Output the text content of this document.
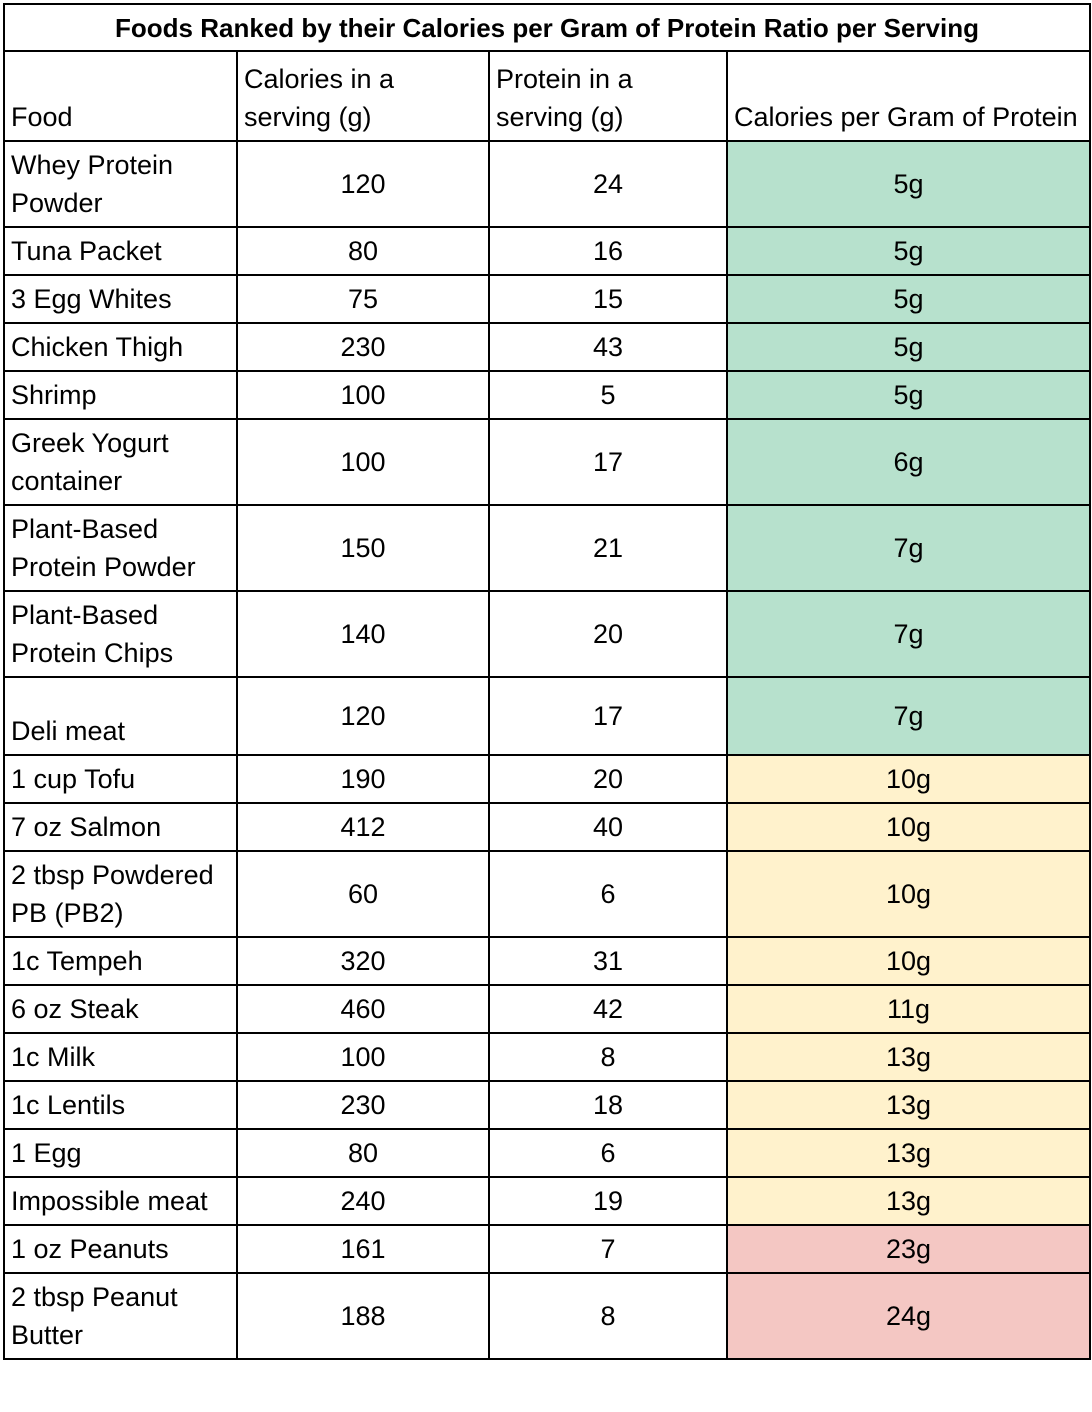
Foods Ranked by their Calories per Gram of Protein Ratio per Serving			
Food	Calories in a serving (g)	Protein in a serving (g)	Calories per Gram of Protein
Whey Protein Powder	120	24	5g
Tuna Packet	80	16	5g
3 Egg Whites	75	15	5g
Chicken Thigh	230	43	5g
Shrimp	100	5	5g
Greek Yogurt container	100	17	6g
Plant-Based Protein Powder	150	21	7g
Plant-Based Protein Chips	140	20	7g
Deli meat	120	17	7g
1 cup Tofu	190	20	10g
7 oz Salmon	412	40	10g
2 tbsp Powdered PB (PB2)	60	6	10g
1c Tempeh	320	31	10g
6 oz Steak	460	42	11g
1c Milk	100	8	13g
1c Lentils	230	18	13g
1 Egg	80	6	13g
Impossible meat	240	19	13g
1 oz Peanuts	161	7	23g
2 tbsp Peanut Butter	188	8	24g
